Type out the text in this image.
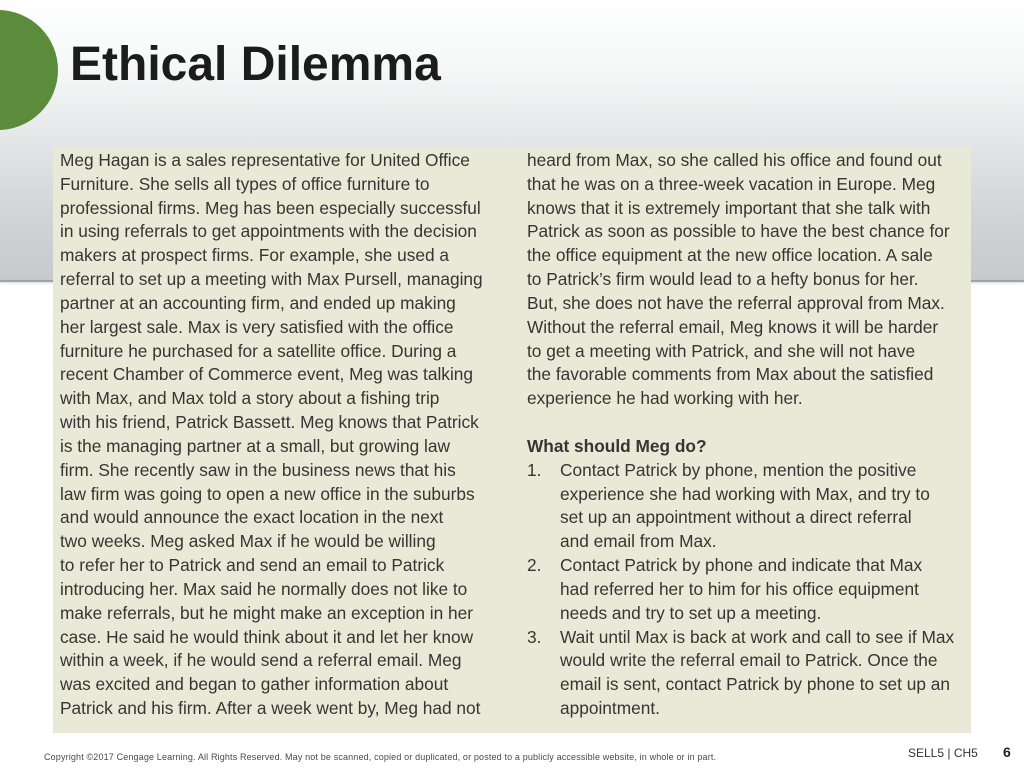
Ethical Dilemma
Meg Hagan is a sales representative for United Office
Furniture. She sells all types of office furniture to
professional firms. Meg has been especially successful
in using referrals to get appointments with the decision
makers at prospect firms. For example, she used a
referral to set up a meeting with Max Pursell, managing
partner at an accounting firm, and ended up making
her largest sale. Max is very satisfied with the office
furniture he purchased for a satellite office. During a
recent Chamber of Commerce event, Meg was talking
with Max, and Max told a story about a fishing trip
with his friend, Patrick Bassett. Meg knows that Patrick
is the managing partner at a small, but growing law
firm. She recently saw in the business news that his
law firm was going to open a new office in the suburbs
and would announce the exact location in the next
two weeks. Meg asked Max if he would be willing
to refer her to Patrick and send an email to Patrick
introducing her. Max said he normally does not like to
make referrals, but he might make an exception in her
case. He said he would think about it and let her know
within a week, if he would send a referral email. Meg
was excited and began to gather information about
Patrick and his firm. After a week went by, Meg had not
heard from Max, so she called his office and found out
that he was on a three-week vacation in Europe. Meg
knows that it is extremely important that she talk with
Patrick as soon as possible to have the best chance for
the office equipment at the new office location. A sale
to Patrick’s firm would lead to a hefty bonus for her.
But, she does not have the referral approval from Max.
Without the referral email, Meg knows it will be harder
to get a meeting with Patrick, and she will not have
the favorable comments from Max about the satisfied
experience he had working with her.
What should Meg do?
1. Contact Patrick by phone, mention the positive
experience she had working with Max, and try to
set up an appointment without a direct referral
and email from Max.
2. Contact Patrick by phone and indicate that Max
had referred her to him for his office equipment
needs and try to set up a meeting.
3. Wait until Max is back at work and call to see if Max
would write the referral email to Patrick. Once the
email is sent, contact Patrick by phone to set up an
appointment.
Copyright ©2017 Cengage Learning. All Rights Reserved. May not be scanned, copied or duplicated, or posted to a publicly accessible website, in whole or in part.	SELL5 | CH5 6
